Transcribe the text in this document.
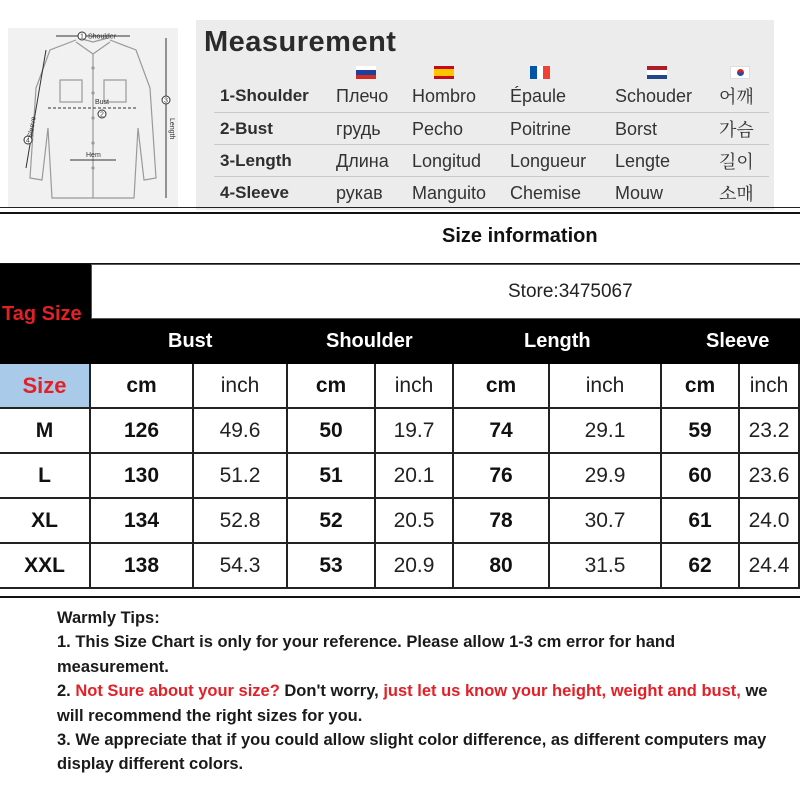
1 Shoulder
2
Bust
Hem
3
Length
4
Sleeve
Measurement
1-Shoulder Плечо Hombro Épaule	Schouder 어깨
2-Bust	грудь Pecho	Poitrine Borst	가슴
3-Length Длина Longitud Longueur Lengte	길이
4-Sleeve	рукав Manguito Chemise Mouw	소매
Size information
Tag Size
Store:3475067
Bust	Shoulder	Length	Sleeve
Size	cm	inch	cm	inch	cm	inch	cm	inch
M	126	49.6	50	19.7	74	29.1	59	23.2
L	130	51.2	51	20.1	76	29.9	60	23.6
XL	134	52.8	52	20.5	78	30.7	61	24.0
XXL	138	54.3	53	20.9	80	31.5	62	24.4
Warmly Tips:
1. This Size Chart is only for your reference. Please allow 1-3 cm error for hand measurement.
2. Not Sure about your size? Don't worry, just let us know your height, weight and bust, we will recommend the right sizes for you.
3. We appreciate that if you could allow slight color difference, as different computers may display different colors.
